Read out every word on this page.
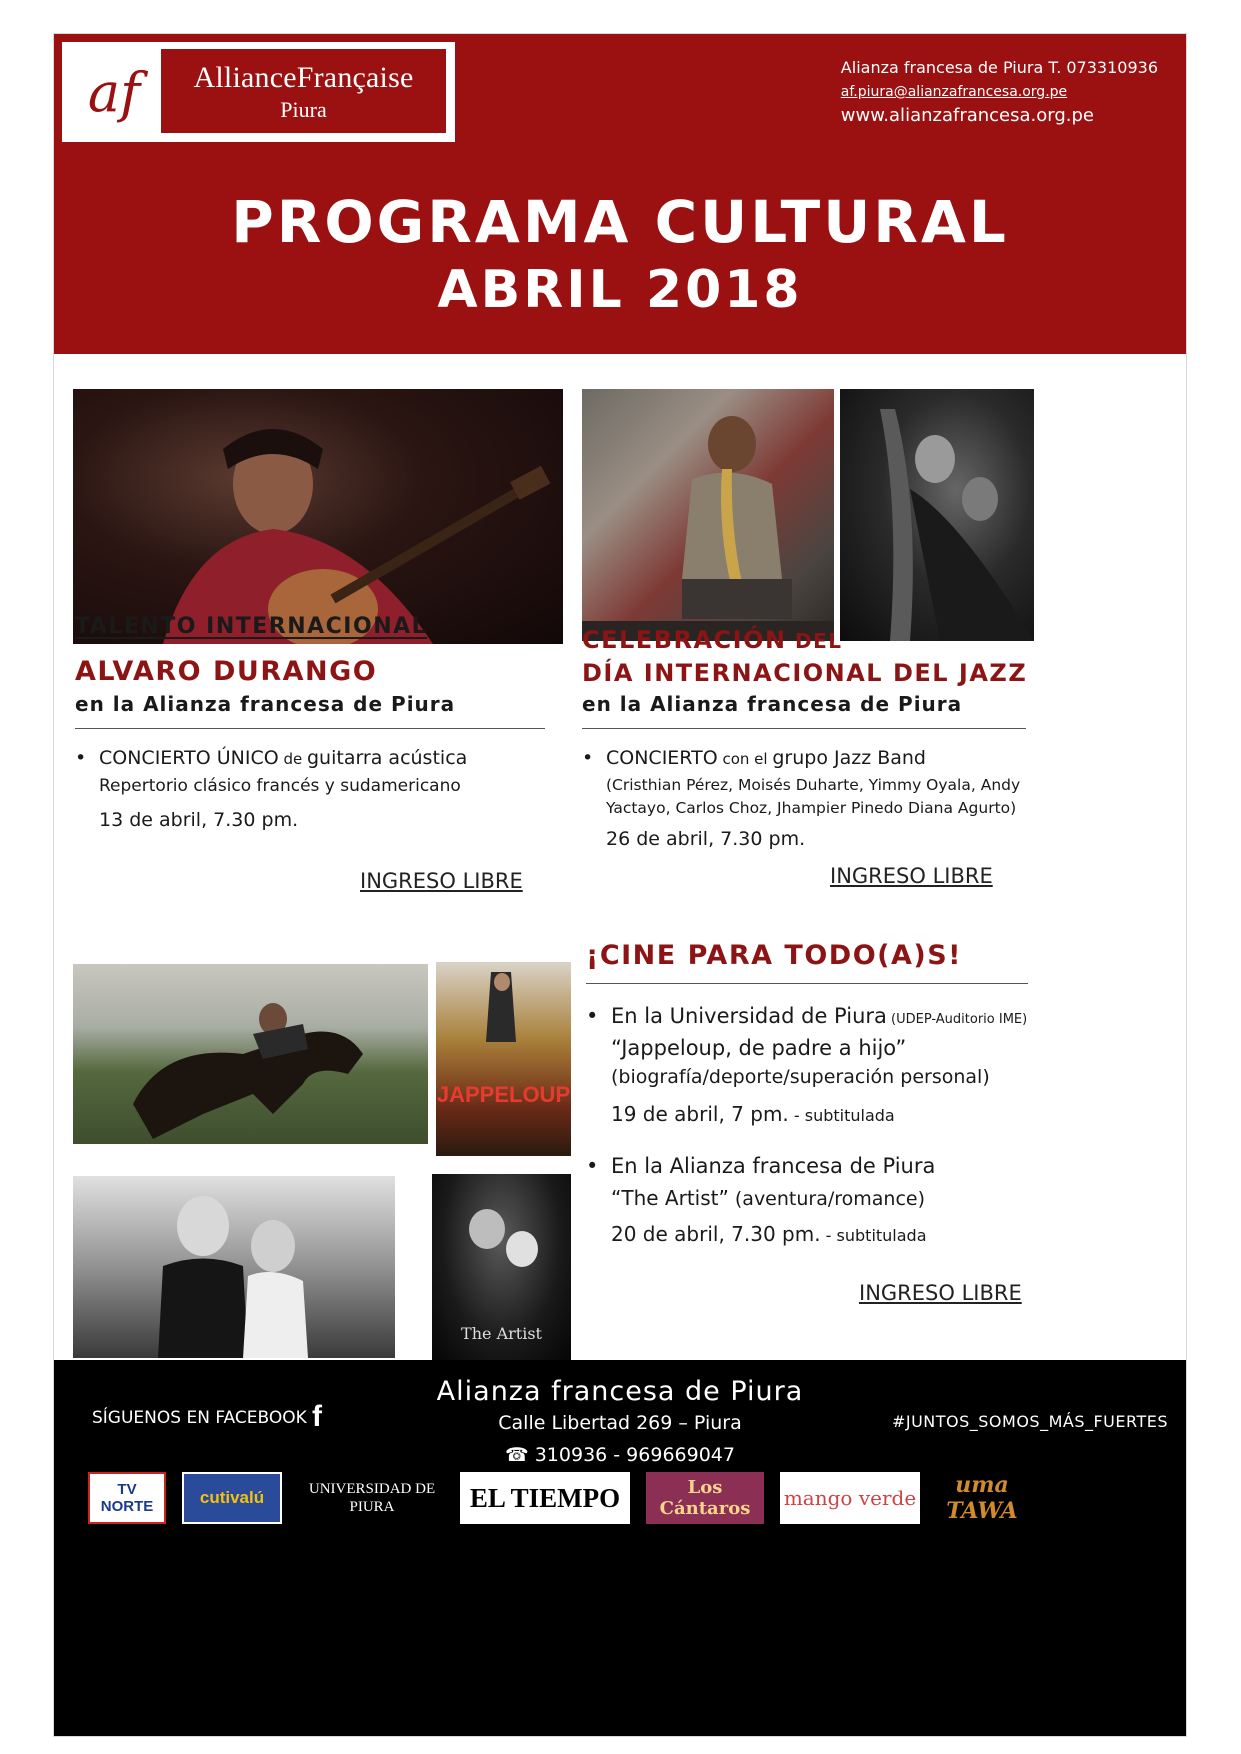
af	AllianceFrançaise
Piura
Alianza francesa de Piura T. 073310936
af.piura@alianzafrancesa.org.pe
www.alianzafrancesa.org.pe
PROGRAMA CULTURAL
ABRIL 2018
TALENTO INTERNACIONAL
ALVARO DURANGO
en la Alianza francesa de Piura
• CONCIERTO ÚNICO de guitarra acústica
Repertorio clásico francés y sudamericano
13 de abril, 7.30 pm.
INGRESO LIBRE
CELEBRACIÓN DEL
DÍA INTERNACIONAL DEL JAZZ
en la Alianza francesa de Piura
• CONCIERTO con el grupo Jazz Band
(Cristhian Pérez, Moisés Duharte, Yimmy Oyala, Andy
Yactayo, Carlos Choz, Jhampier Pinedo Diana Agurto)
26 de abril, 7.30 pm.
INGRESO LIBRE
JAPPELOUP
The Artist
¡CINE PARA TODO(A)S!
• En la Universidad de Piura (UDEP-Auditorio IME)
“Jappeloup, de padre a hijo”
(biografía/deporte/superación personal)
19 de abril, 7 pm. - subtitulada
• En la Alianza francesa de Piura
“The Artist” (aventura/romance)
20 de abril, 7.30 pm. - subtitulada
INGRESO LIBRE
SÍGUENOS EN FACEBOOK f
Alianza francesa de Piura
Calle Libertad 269 – Piura
☎ 310936 - 969669047
#JUNTOS_SOMOS_MÁS_FUERTES
TV NORTE	cutivalú	UNIVERSIDAD DE PIURA	EL TIEMPO	Los Cántaros	mango verde	uma TAWA
